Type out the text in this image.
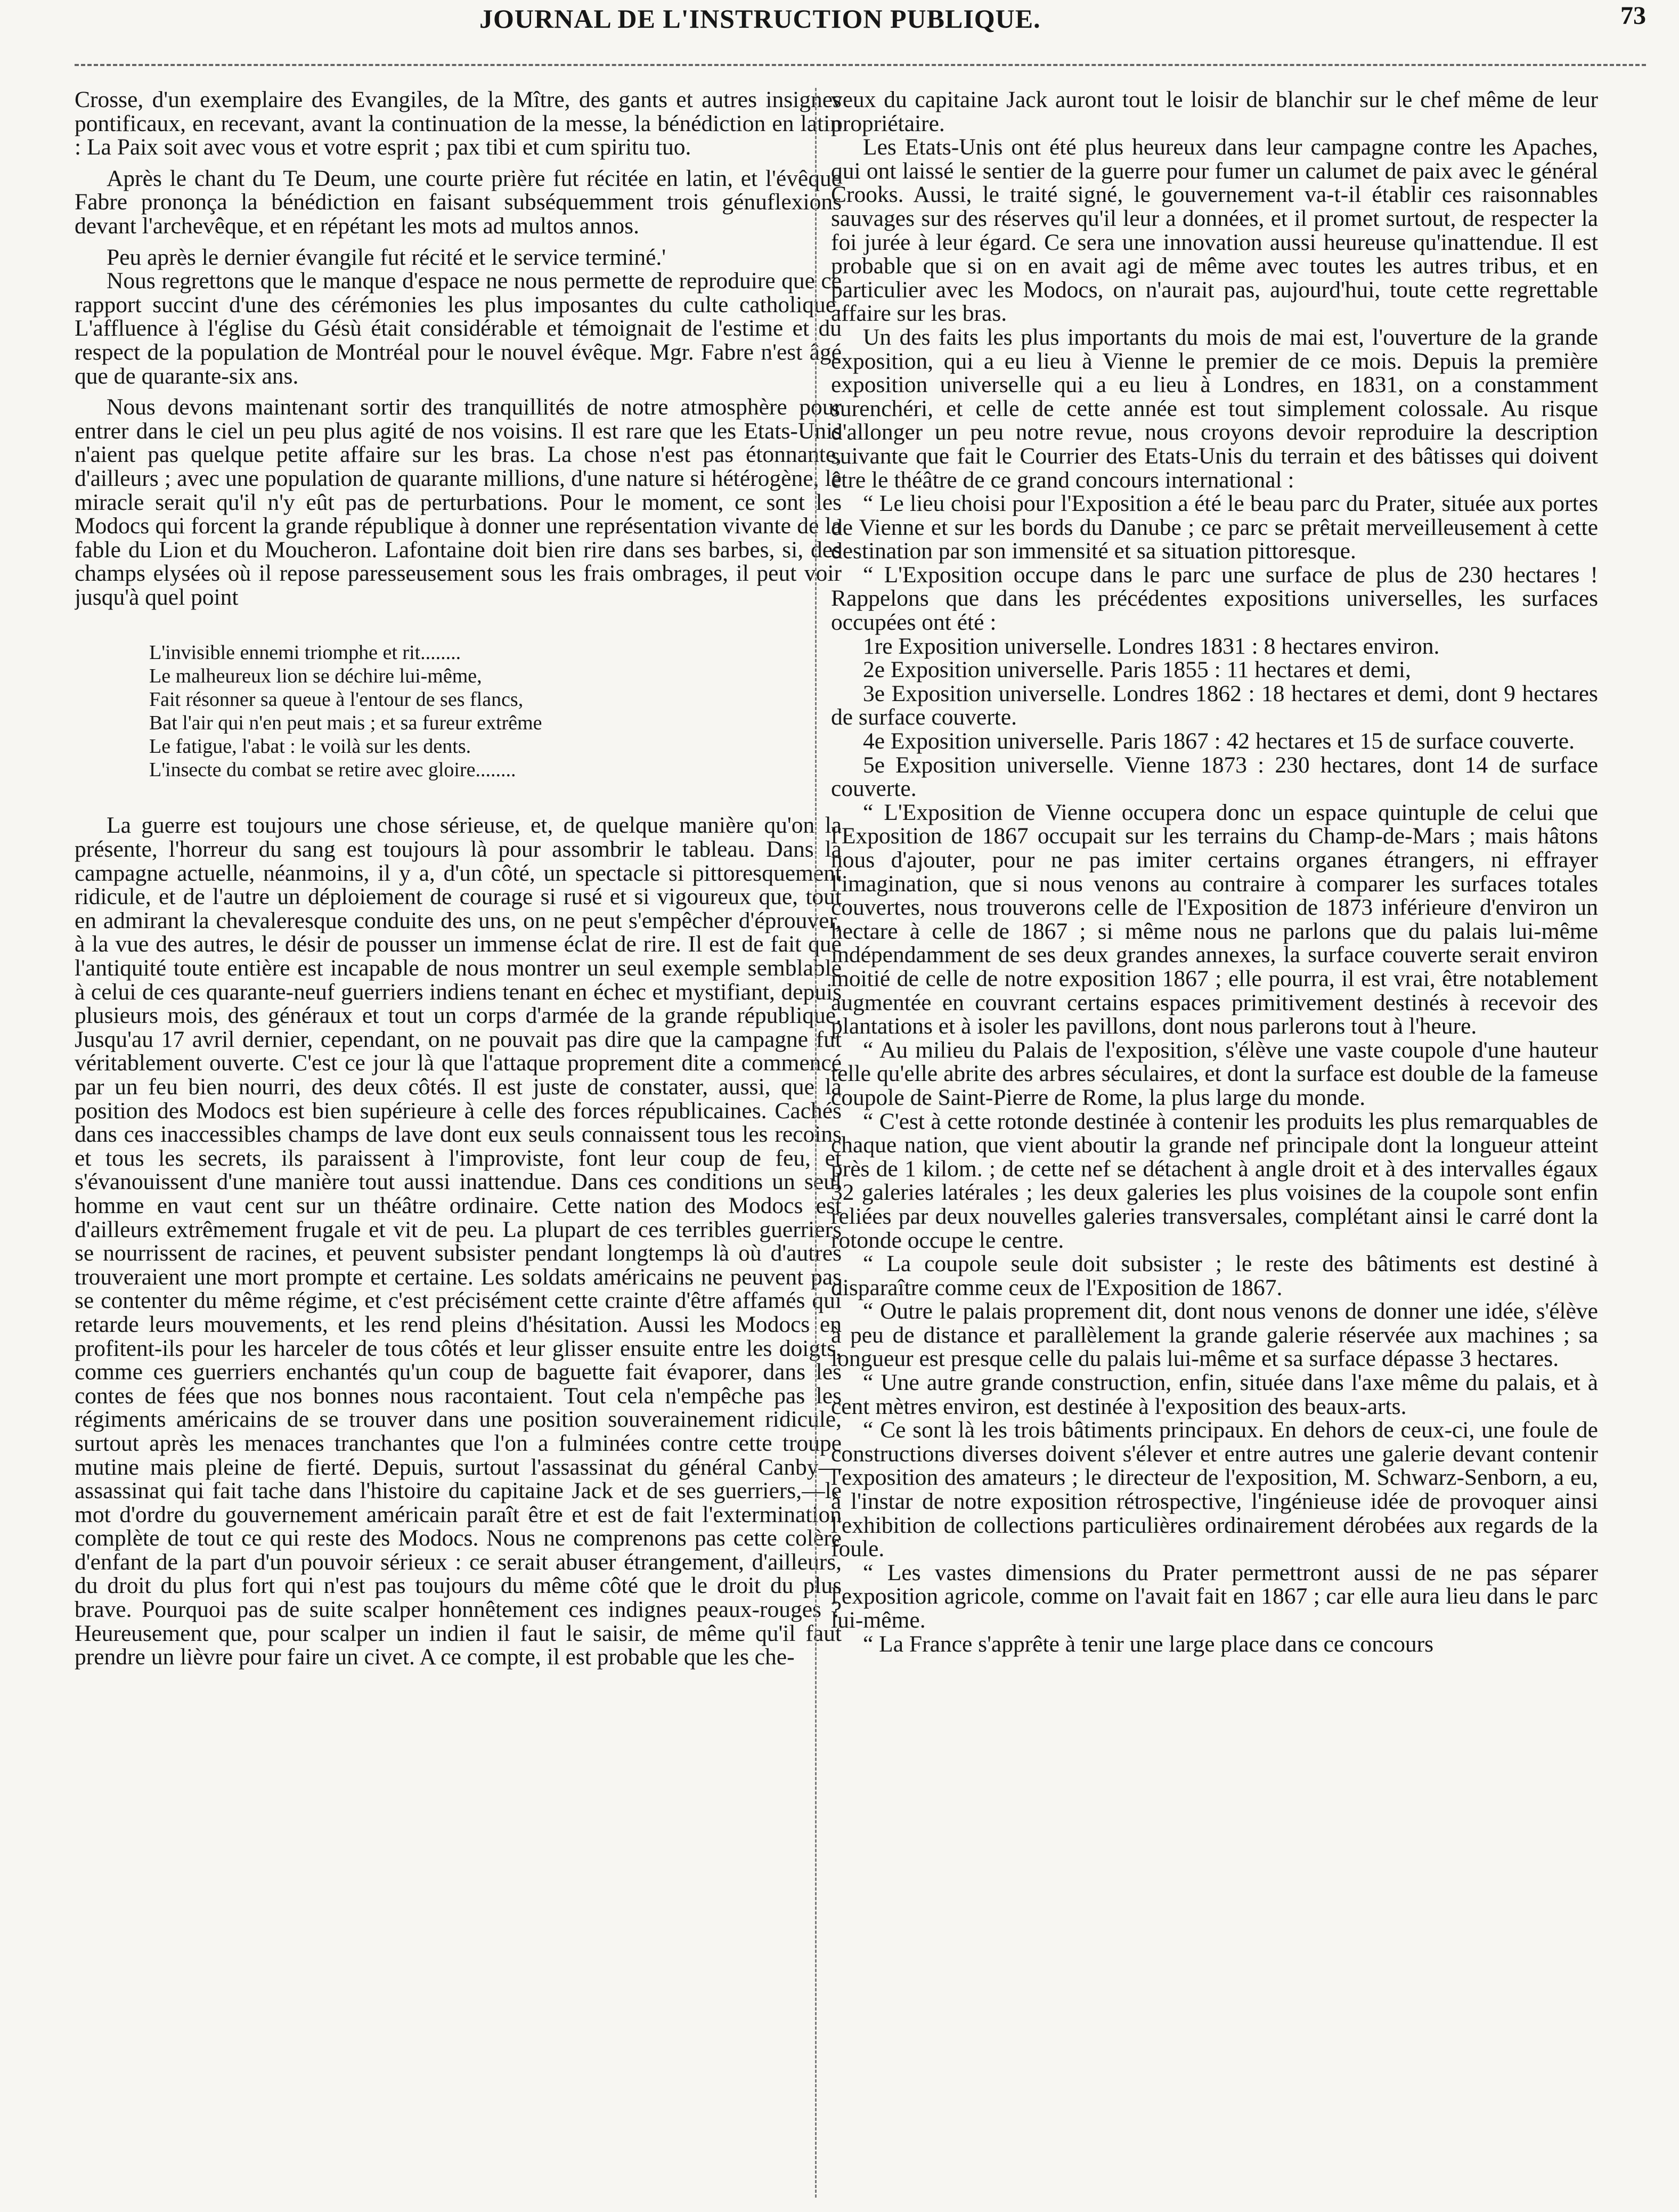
JOURNAL DE L'INSTRUCTION PUBLIQUE.	73

Crosse, d'un exemplaire des Evangiles, de la Mître, des gants et autres insignes pontificaux, en recevant, avant la continuation de la messe, la bénédiction en latin : La Paix soit avec vous et votre esprit ; pax tibi et cum spiritu tuo.

Après le chant du Te Deum, une courte prière fut récitée en latin, et l'évêque Fabre prononça la bénédiction en faisant subséquemment trois génuflexions devant l'archevêque, et en répétant les mots ad multos annos.

Peu après le dernier évangile fut récité et le service terminé.'

Nous regrettons que le manque d'espace ne nous permette de reproduire que ce rapport succint d'une des cérémonies les plus imposantes du culte catholique. L'affluence à l'église du Gésù était considérable et témoignait de l'estime et du respect de la population de Montréal pour le nouvel évêque. Mgr. Fabre n'est âgé que de quarante-six ans.

Nous devons maintenant sortir des tranquillités de notre atmosphère pour entrer dans le ciel un peu plus agité de nos voisins. Il est rare que les Etats-Unis n'aient pas quelque petite affaire sur les bras. La chose n'est pas étonnante, d'ailleurs ; avec une population de quarante millions, d'une nature si hétérogène, le miracle serait qu'il n'y eût pas de perturbations. Pour le moment, ce sont les Modocs qui forcent la grande république à donner une représentation vivante de la fable du Lion et du Moucheron. Lafontaine doit bien rire dans ses barbes, si, des champs elysées où il repose paresseusement sous les frais ombrages, il peut voir jusqu'à quel point

L'invisible ennemi triomphe et rit........
Le malheureux lion se déchire lui-même,
Fait résonner sa queue à l'entour de ses flancs,
Bat l'air qui n'en peut mais ; et sa fureur extrême
Le fatigue, l'abat : le voilà sur les dents.
L'insecte du combat se retire avec gloire........

La guerre est toujours une chose sérieuse, et, de quelque manière qu'on la présente, l'horreur du sang est toujours là pour assombrir le tableau. Dans la campagne actuelle, néanmoins, il y a, d'un côté, un spectacle si pittoresquement ridicule, et de l'autre un déploiement de courage si rusé et si vigoureux que, tout en admirant la chevaleresque conduite des uns, on ne peut s'empêcher d'éprouver, à la vue des autres, le désir de pousser un immense éclat de rire. Il est de fait que l'antiquité toute entière est incapable de nous montrer un seul exemple semblable à celui de ces quarante-neuf guerriers indiens tenant en échec et mystifiant, depuis plusieurs mois, des généraux et tout un corps d'armée de la grande république. Jusqu'au 17 avril dernier, cependant, on ne pouvait pas dire que la campagne fut véritablement ouverte. C'est ce jour là que l'attaque proprement dite a commencé par un feu bien nourri, des deux côtés. Il est juste de constater, aussi, que la position des Modocs est bien supérieure à celle des forces républicaines. Cachés dans ces inaccessibles champs de lave dont eux seuls connaissent tous les recoins et tous les secrets, ils paraissent à l'improviste, font leur coup de feu, et s'évanouissent d'une manière tout aussi inattendue. Dans ces conditions un seul homme en vaut cent sur un théâtre ordinaire. Cette nation des Modocs est d'ailleurs extrêmement frugale et vit de peu. La plupart de ces terribles guerriers se nourrissent de racines, et peuvent subsister pendant longtemps là où d'autres trouveraient une mort prompte et certaine. Les soldats américains ne peuvent pas se contenter du même régime, et c'est précisément cette crainte d'être affamés qui retarde leurs mouvements, et les rend pleins d'hésitation. Aussi les Modocs en profitent-ils pour les harceler de tous côtés et leur glisser ensuite entre les doigts, comme ces guerriers enchantés qu'un coup de baguette fait évaporer, dans les contes de fées que nos bonnes nous racontaient. Tout cela n'empêche pas les régiments américains de se trouver dans une position souverainement ridicule, surtout après les menaces tranchantes que l'on a fulminées contre cette troupe mutine mais pleine de fierté. Depuis, surtout l'assassinat du général Canby—assassinat qui fait tache dans l'histoire du capitaine Jack et de ses guerriers,—le mot d'ordre du gouvernement américain paraît être et est de fait l'extermination complète de tout ce qui reste des Modocs. Nous ne comprenons pas cette colère d'enfant de la part d'un pouvoir sérieux : ce serait abuser étrangement, d'ailleurs, du droit du plus fort qui n'est pas toujours du même côté que le droit du plus brave. Pourquoi pas de suite scalper honnêtement ces indignes peaux-rouges ? Heureusement que, pour scalper un indien il faut le saisir, de même qu'il faut prendre un lièvre pour faire un civet. A ce compte, il est probable que les che-

veux du capitaine Jack auront tout le loisir de blanchir sur le chef même de leur propriétaire.

Les Etats-Unis ont été plus heureux dans leur campagne contre les Apaches, qui ont laissé le sentier de la guerre pour fumer un calumet de paix avec le général Crooks. Aussi, le traité signé, le gouvernement va-t-il établir ces raisonnables sauvages sur des réserves qu'il leur a données, et il promet surtout, de respecter la foi jurée à leur égard. Ce sera une innovation aussi heureuse qu'inattendue. Il est probable que si on en avait agi de même avec toutes les autres tribus, et en particulier avec les Modocs, on n'aurait pas, aujourd'hui, toute cette regrettable affaire sur les bras.

Un des faits les plus importants du mois de mai est, l'ouverture de la grande exposition, qui a eu lieu à Vienne le premier de ce mois. Depuis la première exposition universelle qui a eu lieu à Londres, en 1831, on a constamment surenchéri, et celle de cette année est tout simplement colossale. Au risque d'allonger un peu notre revue, nous croyons devoir reproduire la description suivante que fait le Courrier des Etats-Unis du terrain et des bâtisses qui doivent être le théâtre de ce grand concours international :

“ Le lieu choisi pour l'Exposition a été le beau parc du Prater, située aux portes de Vienne et sur les bords du Danube ; ce parc se prêtait merveilleusement à cette destination par son immensité et sa situation pittoresque.

“ L'Exposition occupe dans le parc une surface de plus de 230 hectares ! Rappelons que dans les précédentes expositions universelles, les surfaces occupées ont été :

1re Exposition universelle. Londres 1831 : 8 hectares environ.

2e Exposition universelle. Paris 1855 : 11 hectares et demi,

3e Exposition universelle. Londres 1862 : 18 hectares et demi, dont 9 hectares de surface couverte.

4e Exposition universelle. Paris 1867 : 42 hectares et 15 de surface couverte.

5e Exposition universelle. Vienne 1873 : 230 hectares, dont 14 de surface couverte.

“ L'Exposition de Vienne occupera donc un espace quintuple de celui que l'Exposition de 1867 occupait sur les terrains du Champ-de-Mars ; mais hâtons nous d'ajouter, pour ne pas imiter certains organes étrangers, ni effrayer l'imagination, que si nous venons au contraire à comparer les surfaces totales couvertes, nous trouverons celle de l'Exposition de 1873 inférieure d'environ un hectare à celle de 1867 ; si même nous ne parlons que du palais lui-même indépendamment de ses deux grandes annexes, la surface couverte serait environ moitié de celle de notre exposition 1867 ; elle pourra, il est vrai, être notablement augmentée en couvrant certains espaces primitivement destinés à recevoir des plantations et à isoler les pavillons, dont nous parlerons tout à l'heure.

“ Au milieu du Palais de l'exposition, s'élève une vaste coupole d'une hauteur telle qu'elle abrite des arbres séculaires, et dont la surface est double de la fameuse coupole de Saint-Pierre de Rome, la plus large du monde.

“ C'est à cette rotonde destinée à contenir les produits les plus remarquables de chaque nation, que vient aboutir la grande nef principale dont la longueur atteint près de 1 kilom. ; de cette nef se détachent à angle droit et à des intervalles égaux 32 galeries latérales ; les deux galeries les plus voisines de la coupole sont enfin reliées par deux nouvelles galeries transversales, complétant ainsi le carré dont la rotonde occupe le centre.

“ La coupole seule doit subsister ; le reste des bâtiments est destiné à disparaître comme ceux de l'Exposition de 1867.

“ Outre le palais proprement dit, dont nous venons de donner une idée, s'élève à peu de distance et parallèlement la grande galerie réservée aux machines ; sa longueur est presque celle du palais lui-même et sa surface dépasse 3 hectares.

“ Une autre grande construction, enfin, située dans l'axe même du palais, et à cent mètres environ, est destinée à l'exposition des beaux-arts.

“ Ce sont là les trois bâtiments principaux. En dehors de ceux-ci, une foule de constructions diverses doivent s'élever et entre autres une galerie devant contenir l'exposition des amateurs ; le directeur de l'exposition, M. Schwarz-Senborn, a eu, à l'instar de notre exposition rétrospective, l'ingénieuse idée de provoquer ainsi l'exhibition de collections particulières ordinairement dérobées aux regards de la foule.

“ Les vastes dimensions du Prater permettront aussi de ne pas séparer l'exposition agricole, comme on l'avait fait en 1867 ; car elle aura lieu dans le parc lui-même.

“ La France s'apprête à tenir une large place dans ce concours
